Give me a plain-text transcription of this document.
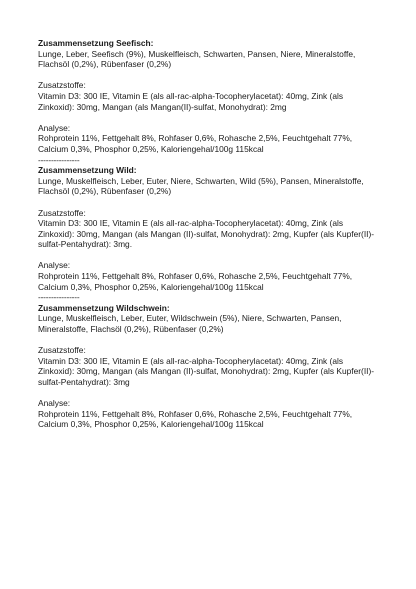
Zusammensetzung Seefisch:
Lunge, Leber, Seefisch (9%), Muskelfleisch, Schwarten, Pansen, Niere, Mineralstoffe,
Flachsöl (0,2%), Rübenfaser (0,2%)
Zusatzstoffe:
Vitamin D3: 300 IE, Vitamin E (als all-rac-alpha-Tocopherylacetat): 40mg, Zink (als
Zinkoxid): 30mg, Mangan (als Mangan(II)-sulfat, Monohydrat): 2mg
Analyse:
Rohprotein 11%, Fettgehalt 8%, Rohfaser 0,6%, Rohasche 2,5%, Feuchtgehalt 77%,
Calcium 0,3%, Phosphor 0,25%, Kaloriengehal/100g 115kcal
----------------
Zusammensetzung Wild:
Lunge, Muskelfleisch, Leber, Euter, Niere, Schwarten, Wild (5%), Pansen, Mineralstoffe,
Flachsöl (0,2%), Rübenfaser (0,2%)
Zusatzstoffe:
Vitamin D3: 300 IE, Vitamin E (als all-rac-alpha-Tocopherylacetat): 40mg, Zink (als
Zinkoxid): 30mg, Mangan (als Mangan (II)-sulfat, Monohydrat): 2mg, Kupfer (als Kupfer(II)-
sulfat-Pentahydrat): 3mg.
Analyse:
Rohprotein 11%, Fettgehalt 8%, Rohfaser 0,6%, Rohasche 2,5%, Feuchtgehalt 77%,
Calcium 0,3%, Phosphor 0,25%, Kaloriengehal/100g 115kcal
----------------
Zusammensetzung Wildschwein:
Lunge, Muskelfleisch, Leber, Euter, Wildschwein (5%), Niere, Schwarten, Pansen,
Mineralstoffe, Flachsöl (0,2%), Rübenfaser (0,2%)
Zusatzstoffe:
Vitamin D3: 300 IE, Vitamin E (als all-rac-alpha-Tocopherylacetat): 40mg, Zink (als
Zinkoxid): 30mg, Mangan (als Mangan (II)-sulfat, Monohydrat): 2mg, Kupfer (als Kupfer(II)-
sulfat-Pentahydrat): 3mg
Analyse:
Rohprotein 11%, Fettgehalt 8%, Rohfaser 0,6%, Rohasche 2,5%, Feuchtgehalt 77%,
Calcium 0,3%, Phosphor 0,25%, Kaloriengehal/100g 115kcal
